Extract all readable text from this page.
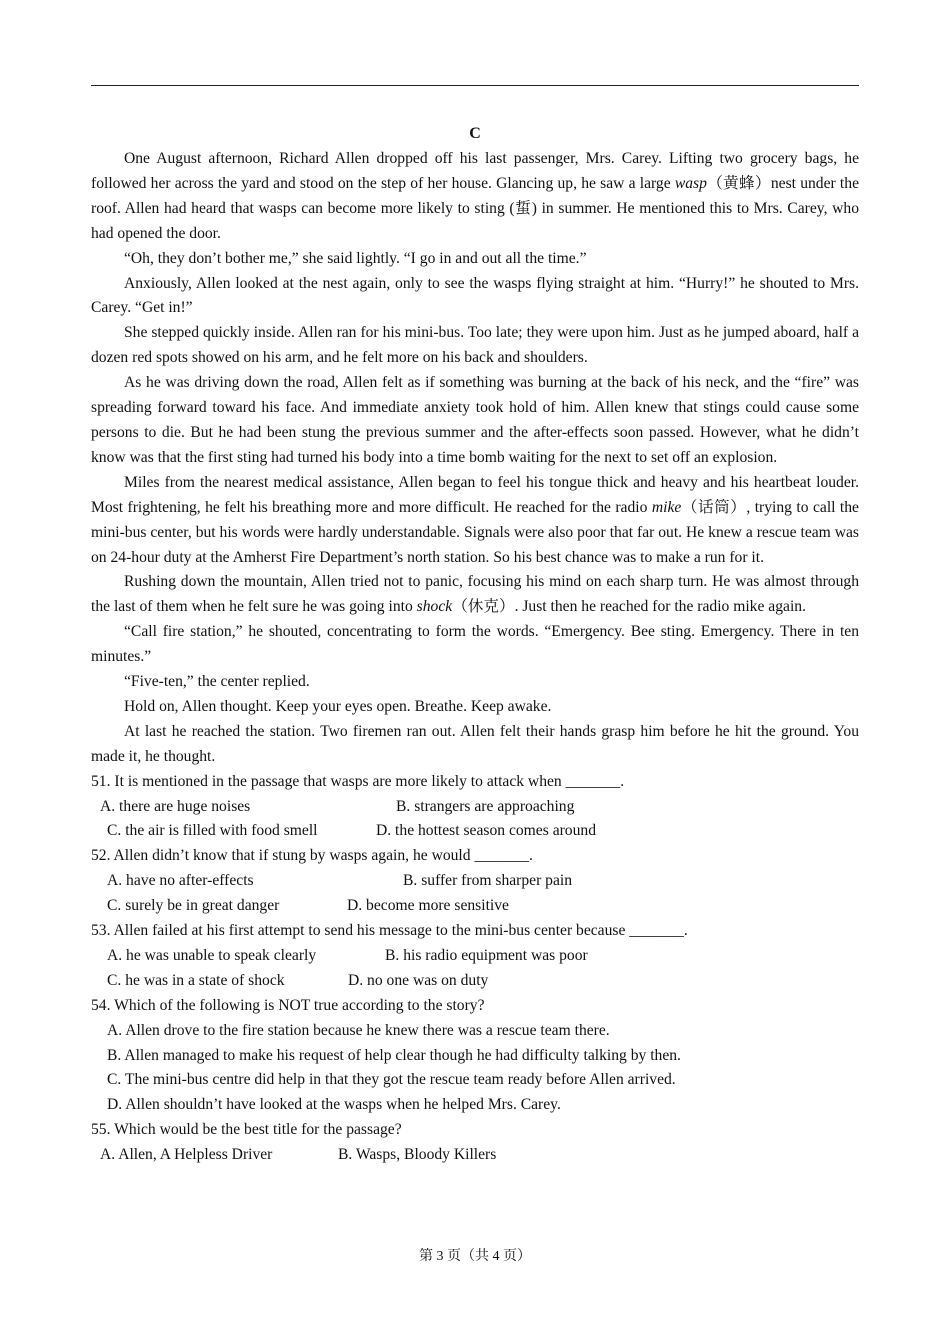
C

One August afternoon, Richard Allen dropped off his last passenger, Mrs. Carey. Lifting two grocery bags, he followed her across the yard and stood on the step of her house. Glancing up, he saw a large wasp（黄蜂）nest under the roof. Allen had heard that wasps can become more likely to sting (蜇) in summer. He mentioned this to Mrs. Carey, who had opened the door.

“Oh, they don’t bother me,” she said lightly. “I go in and out all the time.”

Anxiously, Allen looked at the nest again, only to see the wasps flying straight at him. “Hurry!” he shouted to Mrs. Carey. “Get in!”

She stepped quickly inside. Allen ran for his mini-bus. Too late; they were upon him. Just as he jumped aboard, half a dozen red spots showed on his arm, and he felt more on his back and shoulders.

As he was driving down the road, Allen felt as if something was burning at the back of his neck, and the “fire” was spreading forward toward his face. And immediate anxiety took hold of him. Allen knew that stings could cause some persons to die. But he had been stung the previous summer and the after-effects soon passed. However, what he didn’t know was that the first sting had turned his body into a time bomb waiting for the next to set off an explosion.

Miles from the nearest medical assistance, Allen began to feel his tongue thick and heavy and his heartbeat louder. Most frightening, he felt his breathing more and more difficult. He reached for the radio mike（话筒）, trying to call the mini-bus center, but his words were hardly understandable. Signals were also poor that far out. He knew a rescue team was on 24-hour duty at the Amherst Fire Department’s north station. So his best chance was to make a run for it.

Rushing down the mountain, Allen tried not to panic, focusing his mind on each sharp turn. He was almost through the last of them when he felt sure he was going into shock（休克）. Just then he reached for the radio mike again.

“Call fire station,” he shouted, concentrating to form the words. “Emergency. Bee sting. Emergency. There in ten minutes.”

“Five-ten,” the center replied.

Hold on, Allen thought. Keep your eyes open. Breathe. Keep awake.

At last he reached the station. Two firemen ran out. Allen felt their hands grasp him before he hit the ground. You made it, he thought.

51. It is mentioned in the passage that wasps are more likely to attack when _______.

A. there are huge noises	B. strangers are approaching
C. the air is filled with food smell	D. the hottest season comes around

52. Allen didn’t know that if stung by wasps again, he would _______.

A. have no after-effects	B. suffer from sharper pain
C. surely be in great danger	D. become more sensitive

53. Allen failed at his first attempt to send his message to the mini-bus center because _______.

A. he was unable to speak clearly	B. his radio equipment was poor
C. he was in a state of shock	D. no one was on duty

54. Which of the following is NOT true according to the story?

A. Allen drove to the fire station because he knew there was a rescue team there.

B. Allen managed to make his request of help clear though he had difficulty talking by then.

C. The mini-bus centre did help in that they got the rescue team ready before Allen arrived.

D. Allen shouldn’t have looked at the wasps when he helped Mrs. Carey.

55. Which would be the best title for the passage?

A. Allen, A Helpless Driver	B. Wasps, Bloody Killers
第 3 页（共 4 页）
